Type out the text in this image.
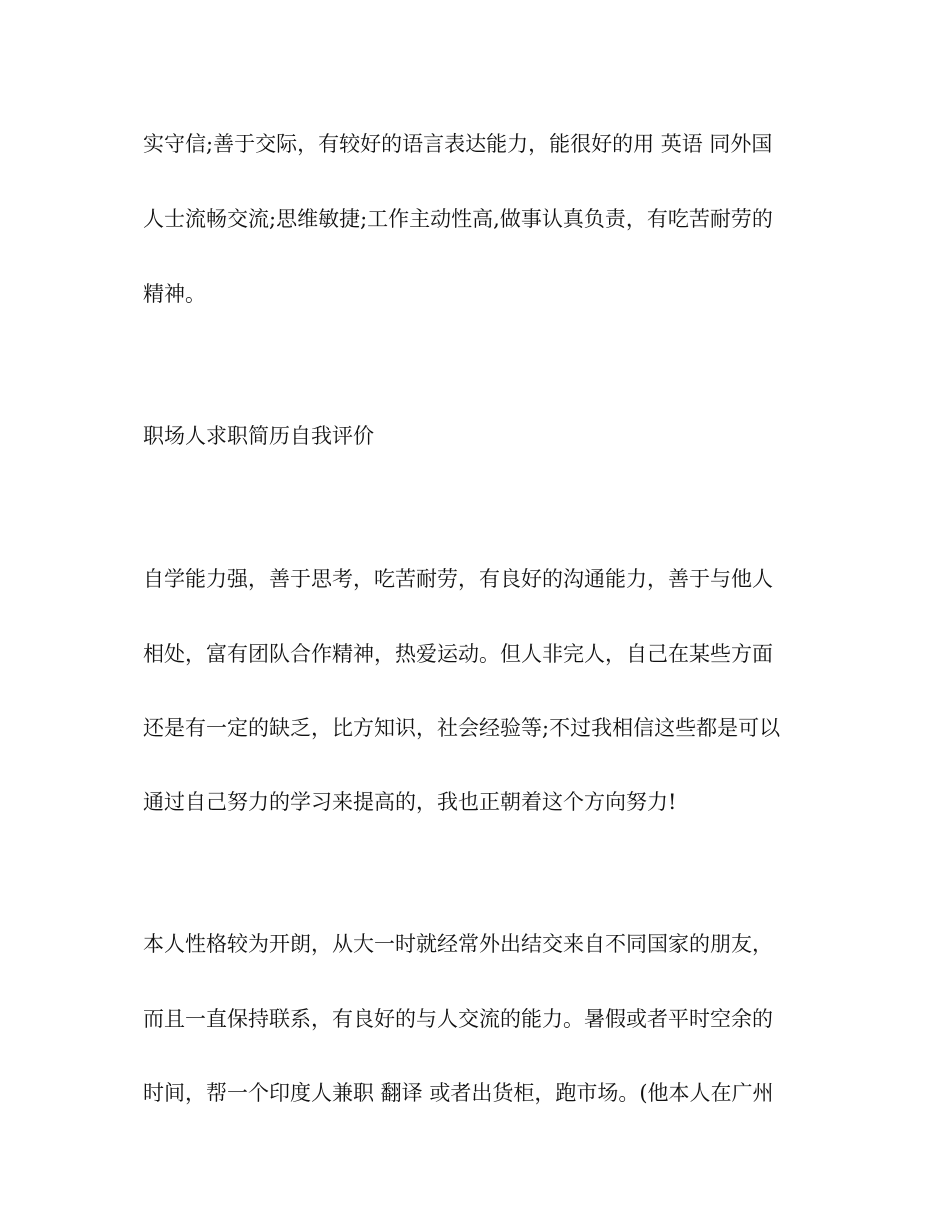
实守信;善于交际，有较好的语言表达能力，能很好的用 英语 同外国
人士流畅交流;思维敏捷;工作主动性高,做事认真负责，有吃苦耐劳的
精神。
职场人求职简历自我评价
自学能力强，善于思考，吃苦耐劳，有良好的沟通能力，善于与他人
相处，富有团队合作精神，热爱运动。但人非完人，自己在某些方面
还是有一定的缺乏，比方知识，社会经验等;不过我相信这些都是可以
通过自己努力的学习来提高的，我也正朝着这个方向努力!
本人性格较为开朗，从大一时就经常外出结交来自不同国家的朋友，
而且一直保持联系，有良好的与人交流的能力。暑假或者平时空余的
时间，帮一个印度人兼职 翻译 或者出货柜，跑市场。(他本人在广州
